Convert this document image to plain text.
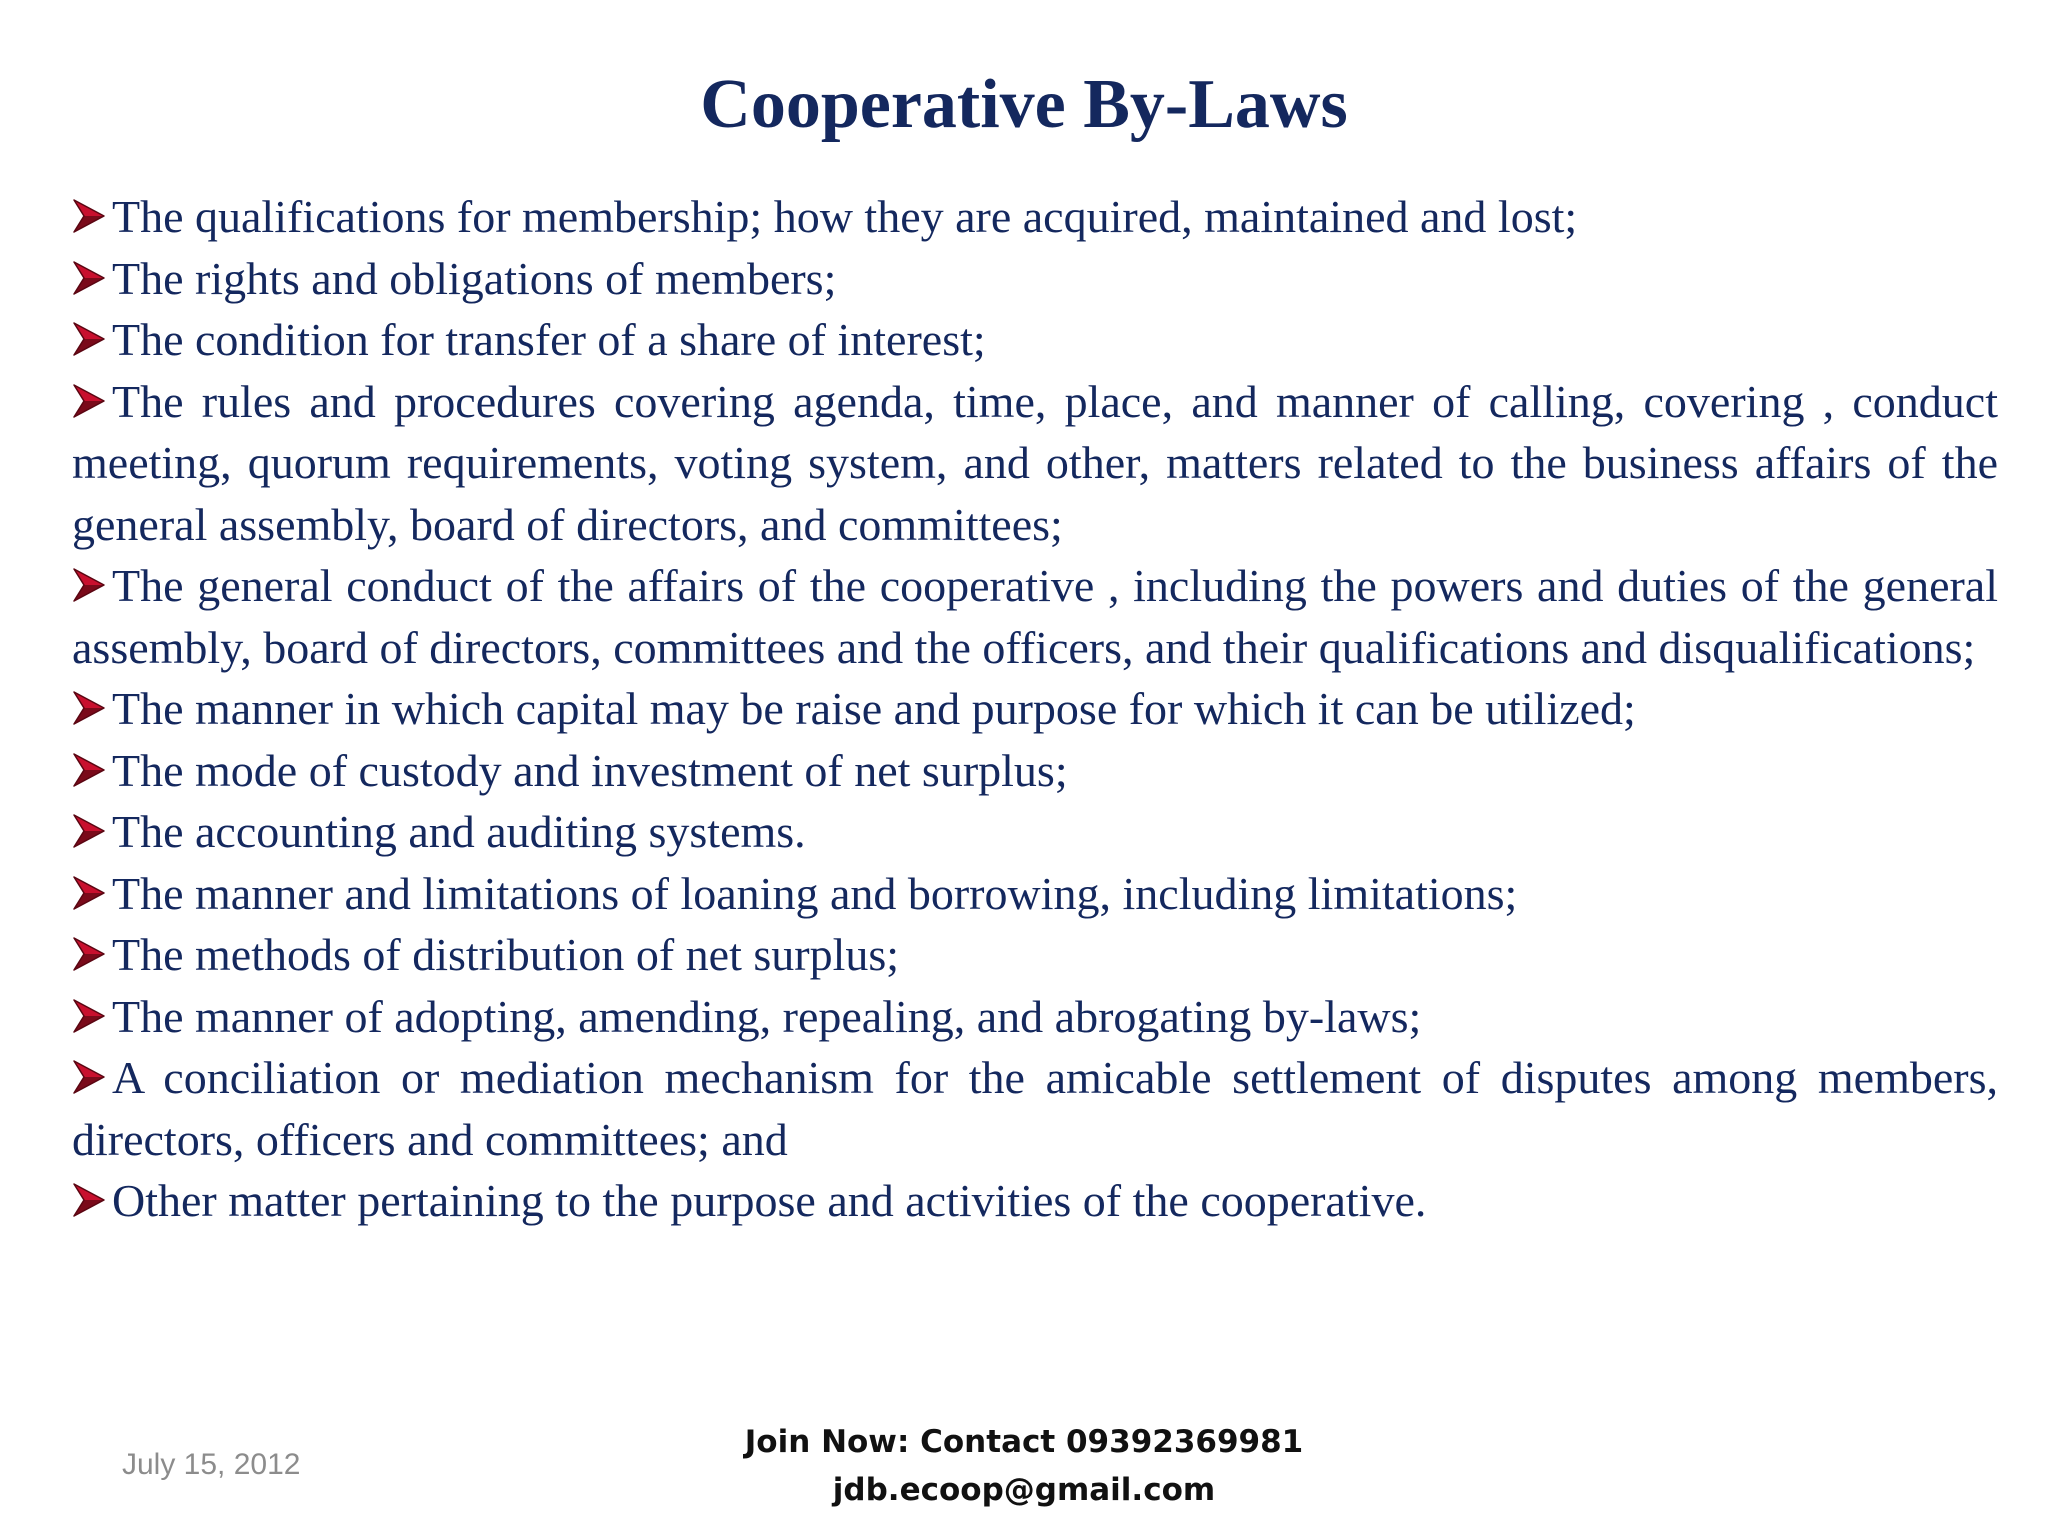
Cooperative By-Laws
The qualifications for membership; how they are acquired, maintained and lost;
The rights and obligations of members;
The condition for transfer of a share of interest;
The rules and procedures covering agenda, time, place, and manner of calling, covering , conduct meeting, quorum requirements, voting system, and other, matters related to the business affairs of the general assembly, board of directors, and committees;
The general conduct of the affairs of the cooperative , including the powers and duties of the general assembly, board of directors, committees and the officers, and their qualifications and disqualifications;
The manner in which capital may be raise and purpose for which it can be utilized;
The mode of custody and investment of net surplus;
The accounting and auditing systems.
The manner and limitations of loaning and borrowing, including limitations;
The methods of distribution of net surplus;
The manner of adopting, amending, repealing, and abrogating by-laws;
A conciliation or mediation mechanism for the amicable settlement of disputes among members, directors, officers and committees; and
Other matter pertaining to the purpose and activities of the cooperative.
July 15, 2012
Join Now: Contact 09392369981
jdb.ecoop@gmail.com
